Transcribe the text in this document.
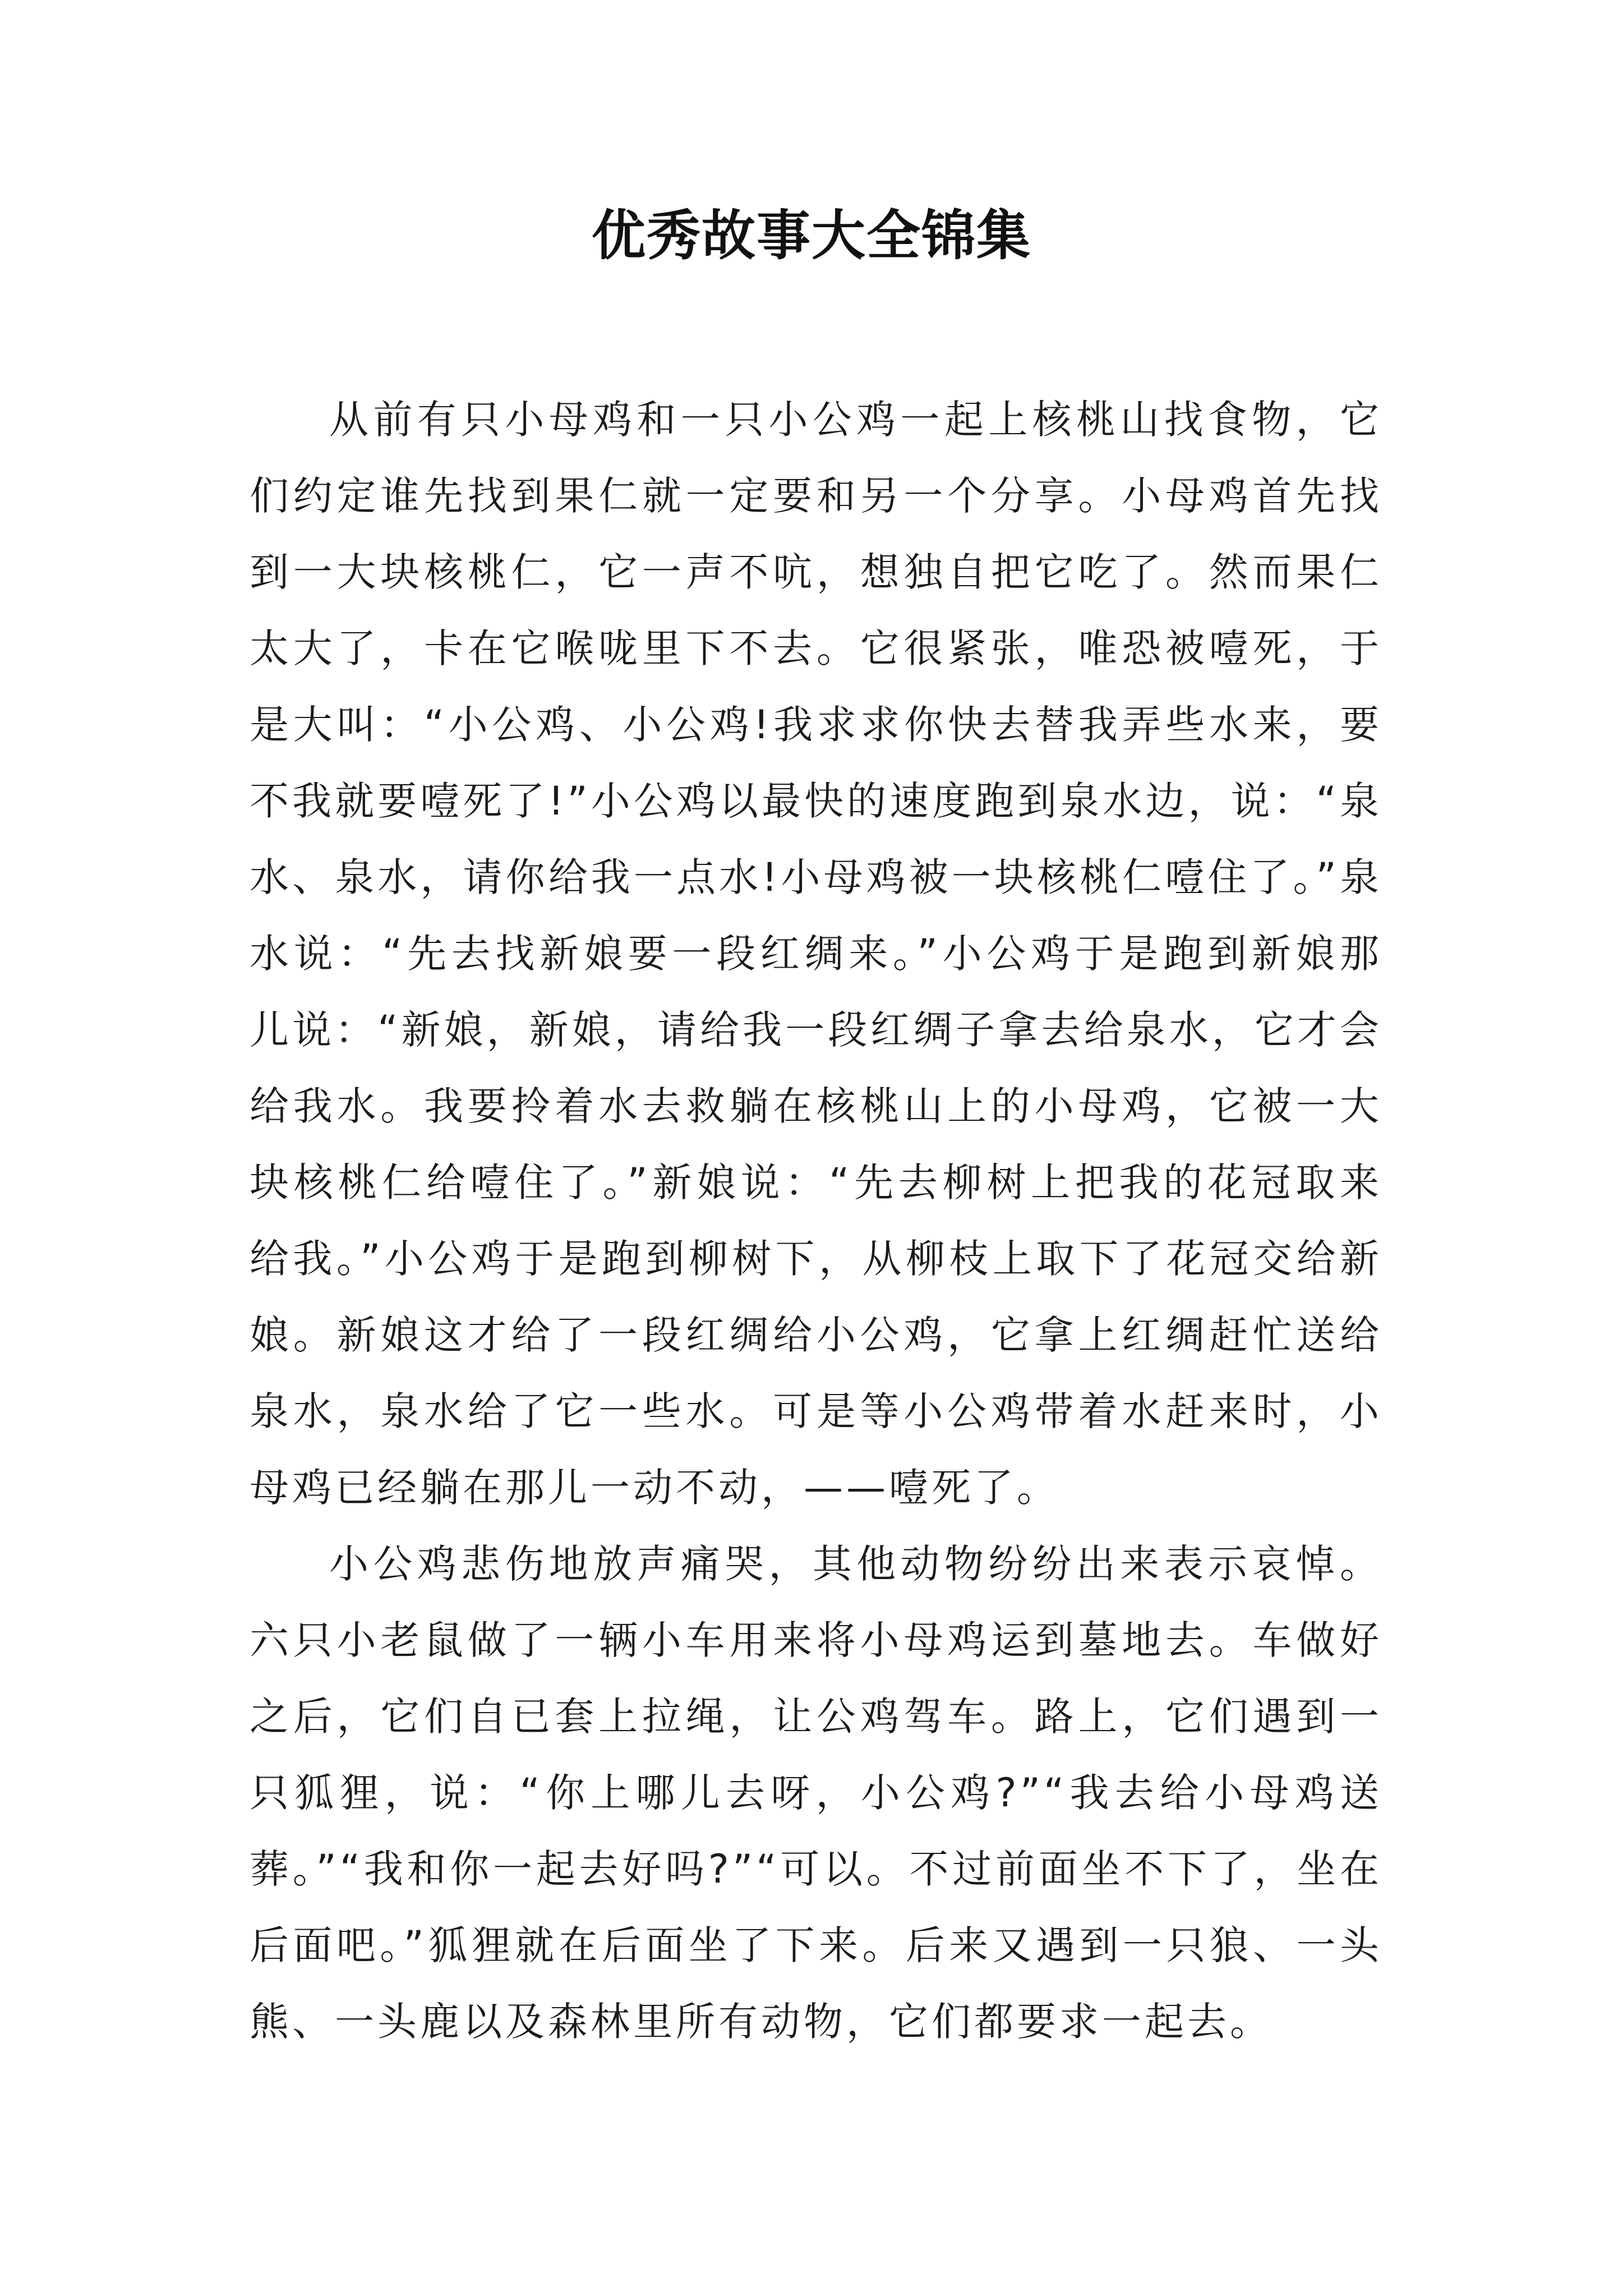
优秀故事大全锦集

从前有只小母鸡和一只小公鸡一起上核桃山找食物，它们约定谁先找到果仁就一定要和另一个分享。小母鸡首先找到一大块核桃仁，它一声不吭，想独自把它吃了。然而果仁太大了，卡在它喉咙里下不去。它很紧张，唯恐被噎死，于是大叫：“小公鸡、小公鸡!我求求你快去替我弄些水来，要不我就要噎死了!”小公鸡以最快的速度跑到泉水边，说：“泉水、泉水，请你给我一点水!小母鸡被一块核桃仁噎住了。”泉水说：“先去找新娘要一段红绸来。”小公鸡于是跑到新娘那儿说：“新娘，新娘，请给我一段红绸子拿去给泉水，它才会给我水。我要拎着水去救躺在核桃山上的小母鸡，它被一大块核桃仁给噎住了。”新娘说：“先去柳树上把我的花冠取来给我。”小公鸡于是跑到柳树下，从柳枝上取下了花冠交给新娘。新娘这才给了一段红绸给小公鸡，它拿上红绸赶忙送给泉水，泉水给了它一些水。可是等小公鸡带着水赶来时，小母鸡已经躺在那儿一动不动，——噎死了。

小公鸡悲伤地放声痛哭，其他动物纷纷出来表示哀悼。六只小老鼠做了一辆小车用来将小母鸡运到墓地去。车做好之后，它们自已套上拉绳，让公鸡驾车。路上，它们遇到一只狐狸，说：“你上哪儿去呀，小公鸡?”“我去给小母鸡送葬。”“我和你一起去好吗?”“可以。不过前面坐不下了，坐在后面吧。”狐狸就在后面坐了下来。后来又遇到一只狼、一头熊、一头鹿以及森林里所有动物，它们都要求一起去。
